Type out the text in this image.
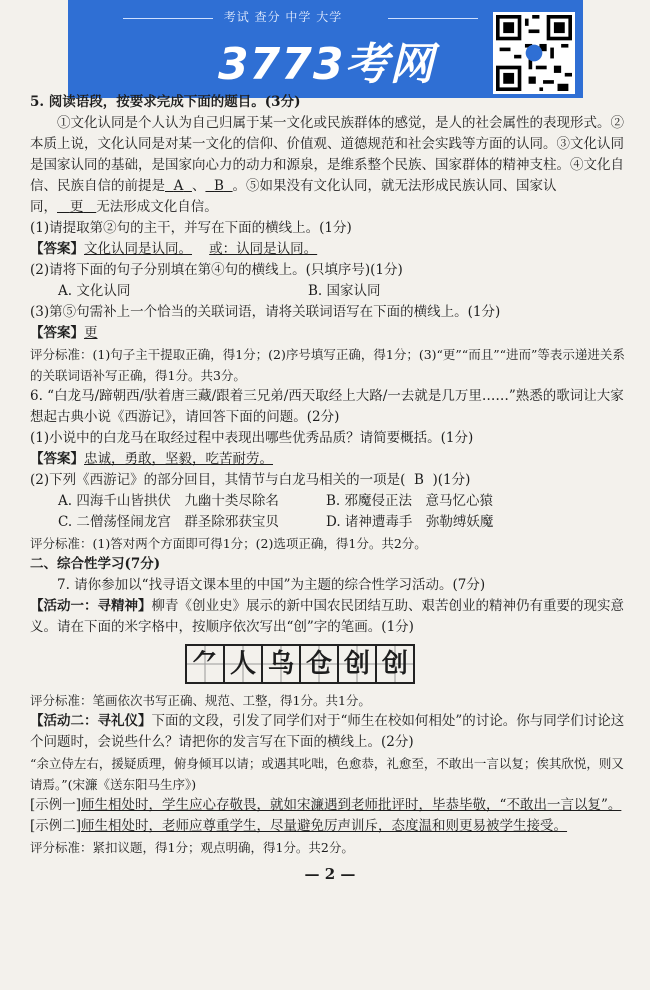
考试 查分 中学 大学
3773考网

5. 阅读语段，按要求完成下面的题目。(3分)

①文化认同是个人认为自己归属于某一文化或民族群体的感觉，是人的社会属性的表现形式。②本质上说，文化认同是对某一文化的信仰、价值观、道德规范和社会实践等方面的认同。③文化认同是国家认同的基础，是国家向心力的动力和源泉，是维系整个民族、国家群体的精神支柱。④文化自信、民族自信的前提是 A 、 B 。⑤如果没有文化认同，就无法形成民族认同、国家认同， 更 无法形成文化自信。

(1)请提取第②句的主干，并写在下面的横线上。(1分)

【答案】文化认同是认同。 或：认同是认同。

(2)请将下面的句子分别填在第④句的横线上。(只填序号)(1分)

A. 文化认同	B. 国家认同

(3)第⑤句需补上一个恰当的关联词语，请将关联词语写在下面的横线上。(1分)

【答案】更

评分标准：(1)句子主干提取正确，得1分；(2)序号填写正确，得1分；(3)“更”“而且”“进而”等表示递进关系的关联词语补写正确，得1分。共3分。

6. “白龙马/蹄朝西/驮着唐三藏/跟着三兄弟/西天取经上大路/一去就是几万里……”熟悉的歌词让大家想起古典小说《西游记》，请回答下面的问题。(2分)

(1)小说中的白龙马在取经过程中表现出哪些优秀品质？请简要概括。(1分)

【答案】忠诚，勇敢，坚毅，吃苦耐劳。

(2)下列《西游记》的部分回目，其情节与白龙马相关的一项是( B )(1分)

A. 四海千山皆拱伏　九幽十类尽除名	B. 邪魔侵正法　意马忆心猿

C. 二僧荡怪闹龙宫　群圣除邪获宝贝	D. 诸神遭毒手　弥勒缚妖魔

评分标准：(1)答对两个方面即可得1分；(2)选项正确，得1分。共2分。

二、综合性学习(7分)

7. 请你参加以“找寻语文课本里的中国”为主题的综合性学习活动。(7分)

【活动一：寻精神】柳青《创业史》展示的新中国农民团结互助、艰苦创业的精神仍有重要的现实意义。请在下面的米字格中，按顺序依次写出“创”字的笔画。(1分)

⺈ 人 乌 仓 创 创

评分标准：笔画依次书写正确、规范、工整，得1分。共1分。

【活动二：寻礼仪】下面的文段，引发了同学们对于“师生在校如何相处”的讨论。你与同学们讨论这个问题时，会说些什么？请把你的发言写在下面的横线上。(2分)

“余立侍左右，援疑质理，俯身倾耳以请；或遇其叱咄，色愈恭，礼愈至，不敢出一言以复；俟其欣悦，则又请焉。”(宋濂《送东阳马生序》)

[示例一]师生相处时，学生应心存敬畏，就如宋濂遇到老师批评时，毕恭毕敬，“不敢出一言以复”。

[示例二]师生相处时，老师应尊重学生，尽量避免厉声训斥，态度温和则更易被学生接受。

评分标准：紧扣议题，得1分；观点明确，得1分。共2分。

— 2 —
